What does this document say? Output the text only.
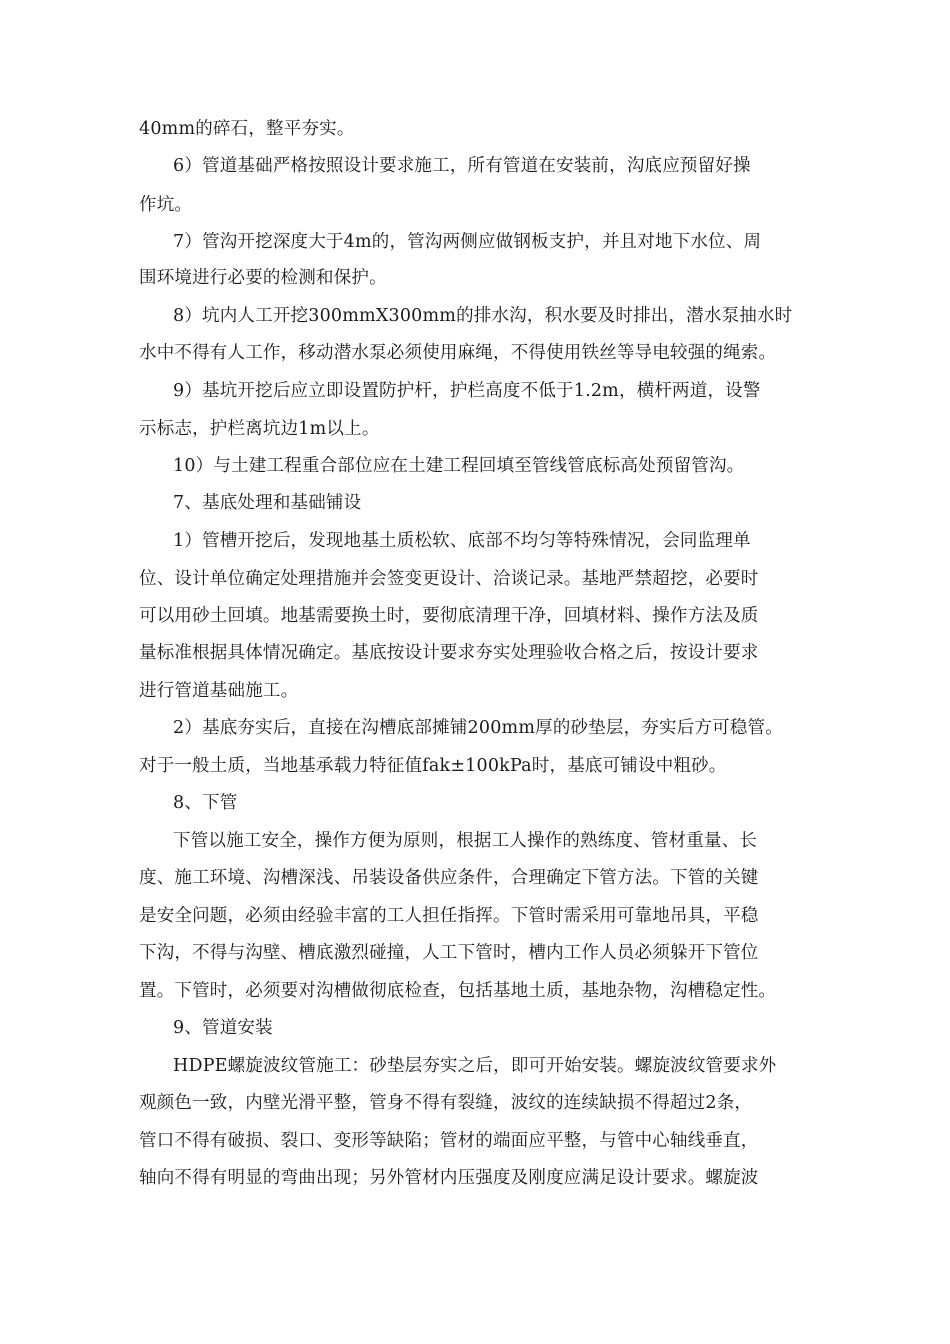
40mm的碎石，整平夯实。
6）管道基础严格按照设计要求施工，所有管道在安装前，沟底应预留好操
作坑。
7）管沟开挖深度大于4m的，管沟两侧应做钢板支护，并且对地下水位、周
围环境进行必要的检测和保护。
8）坑内人工开挖300mmX300mm的排水沟，积水要及时排出，潜水泵抽水时
水中不得有人工作，移动潜水泵必须使用麻绳，不得使用铁丝等导电较强的绳索。
9）基坑开挖后应立即设置防护杆，护栏高度不低于1.2m，横杆两道，设警
示标志，护栏离坑边1m以上。
10）与土建工程重合部位应在土建工程回填至管线管底标高处预留管沟。
7、基底处理和基础铺设
1）管槽开挖后，发现地基土质松软、底部不均匀等特殊情况，会同监理单
位、设计单位确定处理措施并会签变更设计、洽谈记录。基地严禁超挖，必要时
可以用砂土回填。地基需要换土时，要彻底清理干净，回填材料、操作方法及质
量标准根据具体情况确定。基底按设计要求夯实处理验收合格之后，按设计要求
进行管道基础施工。
2）基底夯实后，直接在沟槽底部摊铺200mm厚的砂垫层，夯实后方可稳管。
对于一般土质，当地基承载力特征值fak±100kPa时，基底可铺设中粗砂。
8、下管
下管以施工安全，操作方便为原则，根据工人操作的熟练度、管材重量、长
度、施工环境、沟槽深浅、吊装设备供应条件，合理确定下管方法。下管的关键
是安全问题，必须由经验丰富的工人担任指挥。下管时需采用可靠地吊具，平稳
下沟，不得与沟壁、槽底激烈碰撞，人工下管时，槽内工作人员必须躲开下管位
置。下管时，必须要对沟槽做彻底检查，包括基地土质，基地杂物，沟槽稳定性。
9、管道安装
HDPE螺旋波纹管施工：砂垫层夯实之后，即可开始安装。螺旋波纹管要求外
观颜色一致，内壁光滑平整，管身不得有裂缝，波纹的连续缺损不得超过2条，
管口不得有破损、裂口、变形等缺陷；管材的端面应平整，与管中心轴线垂直，
轴向不得有明显的弯曲出现；另外管材内压强度及刚度应满足设计要求。螺旋波
